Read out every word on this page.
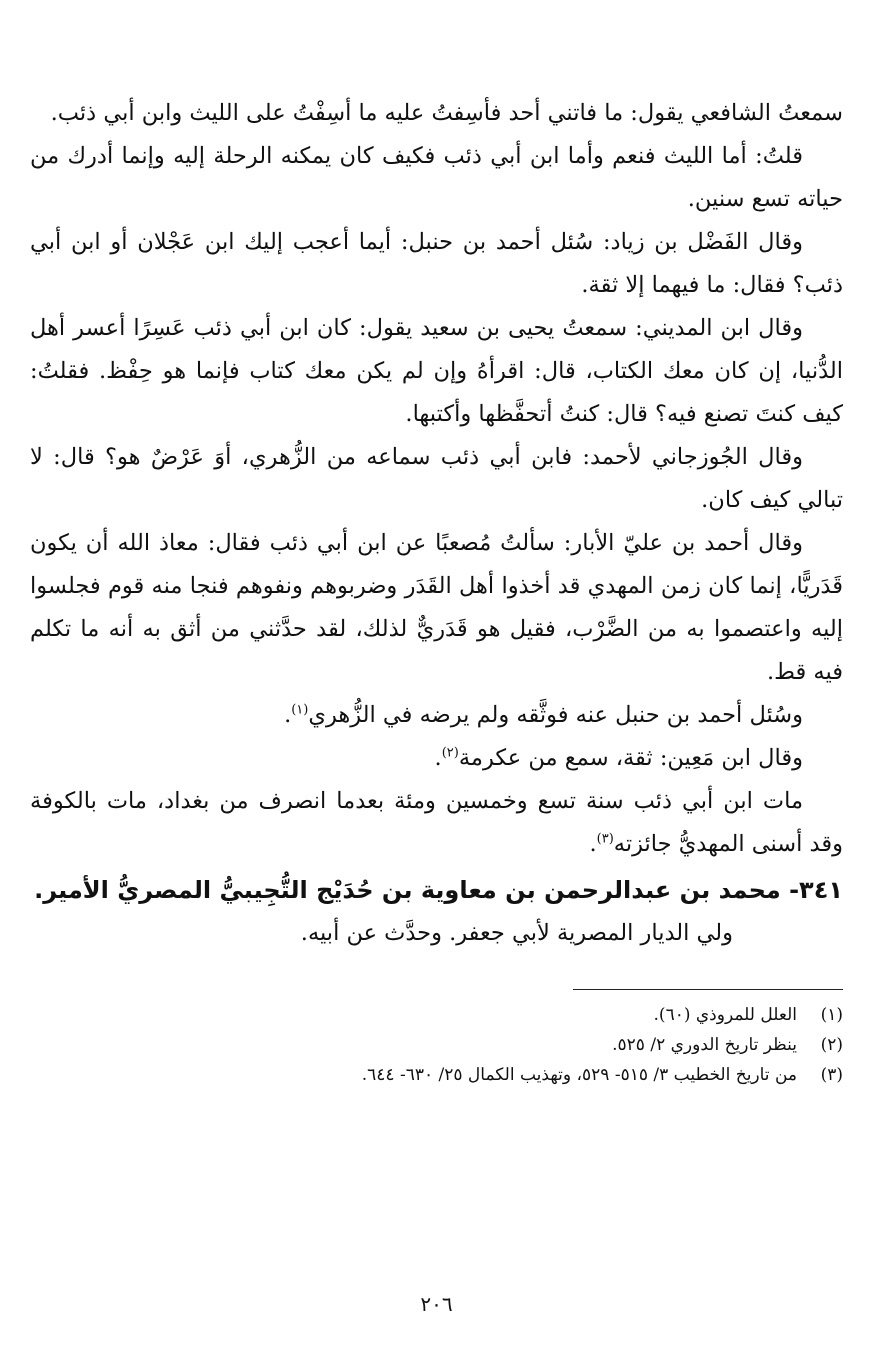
سمعتُ الشافعي يقول: ما فاتني أحد فأسِفتُ عليه ما أسِفْتُ على الليث وابن أبي ذئب.

قلتُ: أما الليث فنعم وأما ابن أبي ذئب فكيف كان يمكنه الرحلة إليه وإنما أدرك من حياته تسع سنين.

وقال الفَضْل بن زياد: سُئل أحمد بن حنبل: أيما أعجب إليك ابن عَجْلان أو ابن أبي ذئب؟ فقال: ما فيهما إلا ثقة.

وقال ابن المديني: سمعتُ يحيى بن سعيد يقول: كان ابن أبي ذئب عَسِرًا أعسر أهل الدُّنيا، إن كان معك الكتاب، قال: اقرأهُ وإن لم يكن معك كتاب فإنما هو حِفْظ. فقلتُ: كيف كنتَ تصنع فيه؟ قال: كنتُ أتحفَّظها وأكتبها.

وقال الجُوزجاني لأحمد: فابن أبي ذئب سماعه من الزُّهري، أوَ عَرْضٌ هو؟ قال: لا تبالي كيف كان.

وقال أحمد بن عليّ الأبار: سألتُ مُصعبًا عن ابن أبي ذئب فقال: معاذ الله أن يكون قَدَريًّا، إنما كان زمن المهدي قد أخذوا أهل القَدَر وضربوهم ونفوهم فنجا منه قوم فجلسوا إليه واعتصموا به من الضَّرْب، فقيل هو قَدَريٌّ لذلك، لقد حدَّثني من أثق به أنه ما تكلم فيه قط.

وسُئل أحمد بن حنبل عنه فوثَّقه ولم يرضه في الزُّهري$^{(١)}$.

وقال ابن مَعِين: ثقة، سمع من عكرمة$^{(٢)}$.

مات ابن أبي ذئب سنة تسع وخمسين ومئة بعدما انصرف من بغداد، مات بالكوفة وقد أسنى المهديُّ جائزته$^{(٣)}$.

٣٤١- محمد بن عبدالرحمن بن معاوية بن حُدَيْج التُّجِيبيُّ المصريُّ الأمير.

ولي الديار المصرية لأبي جعفر. وحدَّث عن أبيه.

(١)
العلل للمروذي (٦٠).
(٢)
ينظر تاريخ الدوري ٢/ ٥٢٥.
(٣)
من تاريخ الخطيب ٣/ ٥١٥- ٥٢٩، وتهذيب الكمال ٢٥/ ٦٣٠- ٦٤٤.
٢٠٦
